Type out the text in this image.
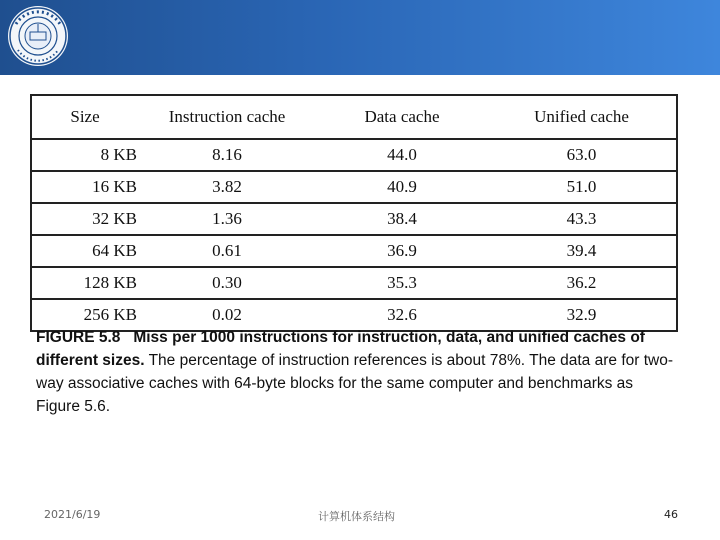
Size	Instruction cache	Data cache	Unified cache
8 KB	8.16	44.0	63.0
16 KB	3.82	40.9	51.0
32 KB	1.36	38.4	43.3
64 KB	0.61	36.9	39.4
128 KB	0.30	35.3	36.2
256 KB	0.02	32.6	32.9
FIGURE 5.8 Miss per 1000 instructions for instruction, data, and unified caches of different sizes. The percentage of instruction references is about 78%. The data are for two-way associative caches with 64-byte blocks for the same computer and benchmarks as Figure 5.6.
2021/6/19	计算机体系结构	46
